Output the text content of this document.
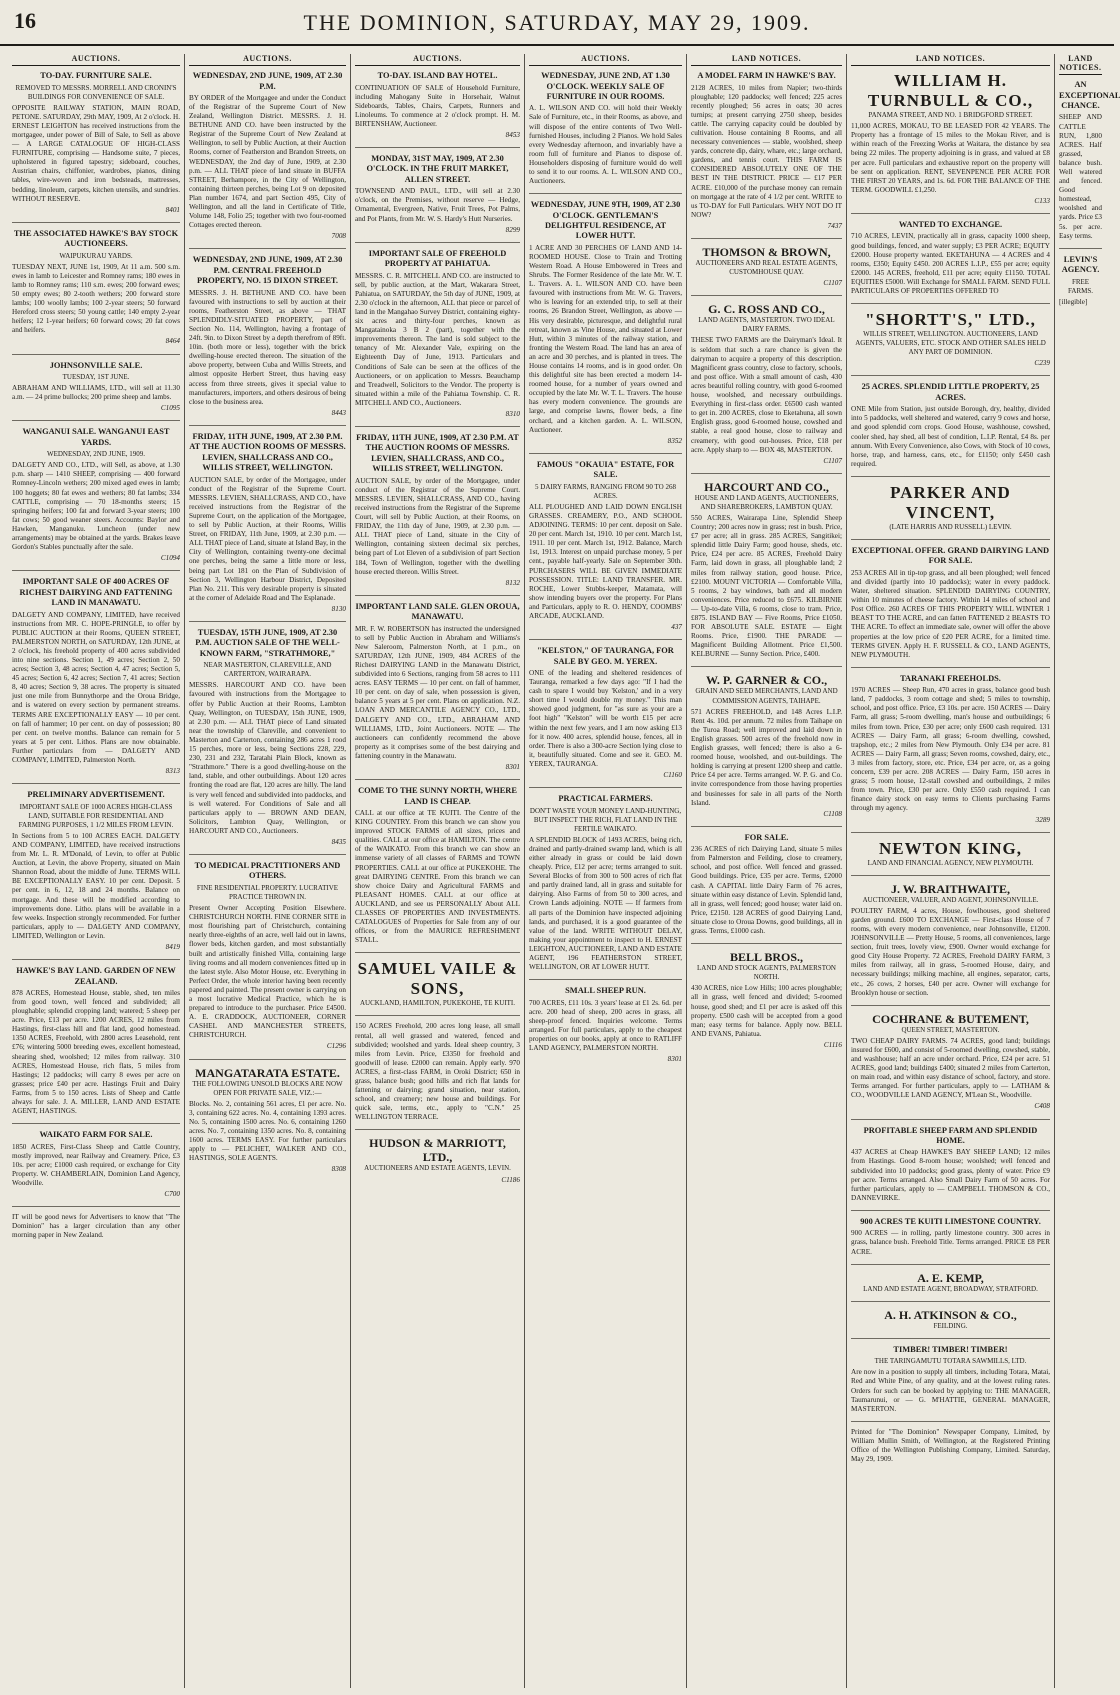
16	THE DOMINION, SATURDAY, MAY 29, 1909.
AUCTIONS.
TO-DAY. FURNITURE SALE.
REMOVED TO MESSRS. MORRELL AND CRONIN'S BUILDINGS FOR CONVENIENCE OF SALE.

OPPOSITE RAILWAY STATION, MAIN ROAD, PETONE. SATURDAY, 29th MAY, 1909, At 2 o'clock. H. ERNEST LEIGHTON has received instructions from the mortgagee, under power of Bill of Sale, to Sell as above — A LARGE CATALOGUE OF HIGH-CLASS FURNITURE, comprising — Handsome suite, 7 pieces, upholstered in figured tapestry; sideboard, couches, Austrian chairs, chiffonier, wardrobes, pianos, dining tables, wire-woven and iron bedsteads, mattresses, bedding, linoleum, carpets, kitchen utensils, and sundries. WITHOUT RESERVE.

8401
THE ASSOCIATED HAWKE'S BAY STOCK AUCTIONEERS.
WAIPUKURAU YARDS.

TUESDAY NEXT, JUNE 1st, 1909, At 11 a.m. 500 s.m. ewes in lamb to Leicester and Romney rams; 180 ewes in lamb to Romney rams; 110 s.m. ewes; 200 forward ewes; 50 empty ewes; 80 2-tooth wethers; 200 forward store lambs; 100 woolly lambs; 100 2-year steers; 50 forward Hereford cross steers; 50 young cattle; 140 empty 2-year heifers; 12 1-year heifers; 60 forward cows; 20 fat cows and heifers.

8464
JOHNSONVILLE SALE.
TUESDAY, 1ST JUNE.

ABRAHAM AND WILLIAMS, LTD., will sell at 11.30 a.m. — 24 prime bullocks; 200 prime sheep and lambs.

C1095
WANGANUI SALE. WANGANUI EAST YARDS.
WEDNESDAY, 2ND JUNE, 1909.

DALGETY AND CO., LTD., will Sell, as above, at 1.30 p.m. sharp — 1410 SHEEP, comprising — 400 forward Romney-Lincoln wethers; 200 mixed aged ewes in lamb; 100 hoggets; 80 fat ewes and wethers; 80 fat lambs; 334 CATTLE, comprising — 70 18-months steers; 15 springing heifers; 100 fat and forward 3-year steers; 100 fat cows; 50 good weaner steers. Accounts: Baylor and Hawken, Manganuku. Luncheon (under new arrangements) may be obtained at the yards. Brakes leave Gordon's Stables punctually after the sale.

C1094
IMPORTANT SALE OF 400 ACRES OF RICHEST DAIRYING AND FATTENING LAND IN MANAWATU.

DALGETY AND COMPANY, LIMITED, have received instructions from MR. C. HOPE-PRINGLE, to offer by PUBLIC AUCTION at their Rooms, QUEEN STREET, PALMERSTON NORTH, on SATURDAY, 12th JUNE, at 2 o'clock, his freehold property of 400 acres subdivided into nine sections. Section 1, 49 acres; Section 2, 50 acres; Section 3, 48 acres; Section 4, 47 acres; Section 5, 45 acres; Section 6, 42 acres; Section 7, 41 acres; Section 8, 40 acres; Section 9, 38 acres. The property is situated just one mile from Bunnythorpe and the Oroua Bridge, and is watered on every section by permanent streams. TERMS ARE EXCEPTIONALLY EASY — 10 per cent. on fall of hammer; 10 per cent. on day of possession; 80 per cent. on twelve months. Balance can remain for 5 years at 5 per cent. Lithos. Plans are now obtainable. Further particulars from — DALGETY AND COMPANY, LIMITED, Palmerston North.

8313
PRELIMINARY ADVERTISEMENT.
IMPORTANT SALE OF 1000 ACRES HIGH-CLASS LAND, SUITABLE FOR RESIDENTIAL AND FARMING PURPOSES, 1 1/2 MILES FROM LEVIN.

In Sections from 5 to 100 ACRES EACH. DALGETY AND COMPANY, LIMITED, have received instructions from Mr. L. R. M'Donald, of Levin, to offer at Public Auction, at Levin, the above Property, situated on Main Shannon Road, about the middle of June. TERMS WILL BE EXCEPTIONALLY EASY. 10 per cent. Deposit. 5 per cent. in 6, 12, 18 and 24 months. Balance on mortgage. And these will be modified according to improvements done. Litho. plans will be available in a few weeks. Inspection strongly recommended. For further particulars, apply to — DALGETY AND COMPANY, LIMITED, Wellington or Levin.

8419
HAWKE'S BAY LAND. GARDEN OF NEW ZEALAND.

878 ACRES, Homestead House, stable, shed, ten miles from good town, well fenced and subdivided; all ploughable; splendid cropping land; watered; 5 sheep per acre. Price, £13 per acre. 1200 ACRES, 12 miles from Hastings, first-class hill and flat land, good homestead. 1350 ACRES, Freehold, with 2800 acres Leasehold, rent £76; wintering 5000 breeding ewes, excellent homestead, shearing shed, woolshed; 12 miles from railway. 310 ACRES, Homestead House, rich flats, 5 miles from Hastings; 12 paddocks; will carry 8 ewes per acre on grasses; price £40 per acre. Hastings Fruit and Dairy Farms, from 5 to 150 acres. Lists of Sheep and Cattle always for sale. J. A. MILLER, LAND AND ESTATE AGENT, HASTINGS.

WAIKATO FARM FOR SALE.

1850 ACRES, First-Class Sheep and Cattle Country, mostly improved, near Railway and Creamery. Price, £3 10s. per acre; £1000 cash required, or exchange for City Property. W. CHAMBERLAIN, Dominion Land Agency, Woodville.

C700

IT will be good news for Advertisers to know that "The Dominion" has a larger circulation than any other morning paper in New Zealand.

AUCTIONS.
WEDNESDAY, 2ND JUNE, 1909, AT 2.30 P.M.

BY ORDER of the Mortgagee and under the Conduct of the Registrar of the Supreme Court of New Zealand, Wellington District. MESSRS. J. H. BETHUNE AND CO. have been instructed by the Registrar of the Supreme Court of New Zealand at Wellington, to sell by Public Auction, at their Auction Rooms, corner of Featherston and Brandon Streets, on WEDNESDAY, the 2nd day of June, 1909, at 2.30 p.m. — ALL THAT piece of land situate in BUFFA STREET, Berhampore, in the City of Wellington, containing thirteen perches, being Lot 9 on deposited Plan number 1674, and part Section 495, City of Wellington, and all the land in Certificate of Title, Volume 148, Folio 25; together with two four-roomed Cottages erected thereon.

7008
WEDNESDAY, 2ND JUNE, 1909, AT 2.30 P.M. CENTRAL FREEHOLD PROPERTY, NO. 15 DIXON STREET.

MESSRS. J. H. BETHUNE AND CO. have been favoured with instructions to sell by auction at their rooms, Featherston Street, as above — THAT SPLENDIDLY-SITUATED PROPERTY, part of Section No. 114, Wellington, having a frontage of 24ft. 9in. to Dixon Street by a depth therefrom of 89ft. 10in. (both more or less), together with the brick dwelling-house erected thereon. The situation of the above property, between Cuba and Willis Streets, and almost opposite Herbert Street, thus having easy access from three streets, gives it special value to manufacturers, importers, and others desirous of being close to the business area.

8443
FRIDAY, 11TH JUNE, 1909, AT 2.30 P.M. AT THE AUCTION ROOMS OF MESSRS. LEVIEN, SHALLCRASS AND CO., WILLIS STREET, WELLINGTON.

AUCTION SALE, by order of the Mortgagee, under conduct of the Registrar of the Supreme Court. MESSRS. LEVIEN, SHALLCRASS, AND CO., have received instructions from the Registrar of the Supreme Court, on the application of the Mortgagee, to sell by Public Auction, at their Rooms, Willis Street, on FRIDAY, 11th June, 1909, at 2.30 p.m. — ALL THAT piece of Land, situate at Island Bay, in the City of Wellington, containing twenty-one decimal one perches, being the same a little more or less, being part Lot 181 on the Plan of Subdivision of Section 3, Wellington Harbour District, Deposited Plan No. 211. This very desirable property is situated at the corner of Adelaide Road and The Esplanade.

8130
TUESDAY, 15TH JUNE, 1909, AT 2.30 P.M. AUCTION SALE OF THE WELL-KNOWN FARM, "STRATHMORE,"
NEAR MASTERTON, CLAREVILLE, AND CARTERTON, WAIRARAPA.

MESSRS. HARCOURT AND CO. have been favoured with instructions from the Mortgagee to offer by Public Auction at their Rooms, Lambton Quay, Wellington, on TUESDAY, 15th JUNE, 1909, at 2.30 p.m. — ALL THAT piece of Land situated near the township of Clareville, and convenient to Masterton and Carterton, containing 286 acres 1 rood 15 perches, more or less, being Sections 228, 229, 230, 231 and 232, Taratahi Plain Block, known as "Strathmore." There is a good dwelling-house on the land, stable, and other outbuildings. About 120 acres fronting the road are flat, 120 acres are hilly. The land is very well fenced and subdivided into paddocks, and is well watered. For Conditions of Sale and all particulars apply to — BROWN AND DEAN, Solicitors, Lambton Quay, Wellington, or HARCOURT AND CO., Auctioneers.

8435
TO MEDICAL PRACTITIONERS AND OTHERS.
FINE RESIDENTIAL PROPERTY. LUCRATIVE PRACTICE THROWN IN.

Present Owner Accepting Position Elsewhere. CHRISTCHURCH NORTH. FINE CORNER SITE in most flourishing part of Christchurch, containing nearly three-eighths of an acre, well laid out in lawns, flower beds, kitchen garden, and most substantially built and artistically finished Villa, containing large living rooms and all modern conveniences fitted up in the latest style. Also Motor House, etc. Everything in Perfect Order, the whole interior having been recently papered and painted. The present owner is carrying on a most lucrative Medical Practice, which he is prepared to introduce to the purchaser. Price £4500. A. E. CRADDOCK, AUCTIONEER, CORNER CASHEL AND MANCHESTER STREETS, CHRISTCHURCH.

C1296
MANGATARATA ESTATE.
THE FOLLOWING UNSOLD BLOCKS ARE NOW OPEN FOR PRIVATE SALE, VIZ.:—

Blocks. No. 2, containing 561 acres, £1 per acre. No. 3, containing 622 acres. No. 4, containing 1393 acres. No. 5, containing 1500 acres. No. 6, containing 1260 acres. No. 7, containing 1350 acres. No. 8, containing 1600 acres. TERMS EASY. For further particulars apply to — PELICHET, WALKER AND CO., HASTINGS, SOLE AGENTS.

8308
AUCTIONS.
TO-DAY. ISLAND BAY HOTEL.

CONTINUATION OF SALE of Household Furniture, including Mahogany Suite in Horsehair, Walnut Sideboards, Tables, Chairs, Carpets, Runners and Linoleums. To commence at 2 o'clock prompt. H. M. BIRTENSHAW, Auctioneer.

8453
MONDAY, 31ST MAY, 1909, AT 2.30 O'CLOCK. IN THE FRUIT MARKET, ALLEN STREET.

TOWNSEND AND PAUL, LTD., will sell at 2.30 o'clock, on the Premises, without reserve — Hedge, Ornamental, Evergreen, Native, Fruit Trees, Pot Palms, and Pot Plants, from Mr. W. S. Hardy's Hutt Nurseries.

8299
IMPORTANT SALE OF FREEHOLD PROPERTY AT PAHIATUA.

MESSRS. C. R. MITCHELL AND CO. are instructed to sell, by public auction, at the Mart, Wakarara Street, Pahiatua, on SATURDAY, the 5th day of JUNE, 1909, at 2.30 o'clock in the afternoon, ALL that piece or parcel of land in the Mangahao Survey District, containing eighty-six acres and thirty-four perches, known as Mangatainoka 3 B 2 (part), together with the improvements thereon. The land is sold subject to the tenancy of Mr. Alexander Vale, expiring on the Eighteenth Day of June, 1913. Particulars and Conditions of Sale can be seen at the offices of the Auctioneers, or on application to Messrs. Beauchamp and Treadwell, Solicitors to the Vendor. The property is situated within a mile of the Pahiatua Township. C. R. MITCHELL AND CO., Auctioneers.

8310
FRIDAY, 11TH JUNE, 1909, AT 2.30 P.M. AT THE AUCTION ROOMS OF MESSRS. LEVIEN, SHALLCRASS, AND CO., WILLIS STREET, WELLINGTON.

AUCTION SALE, by order of the Mortgagee, under conduct of the Registrar of the Supreme Court. MESSRS. LEVIEN, SHALLCRASS, AND CO., having received instructions from the Registrar of the Supreme Court, will sell by Public Auction, at their Rooms, on FRIDAY, the 11th day of June, 1909, at 2.30 p.m. — ALL THAT piece of Land, situate in the City of Wellington, containing sixteen decimal six perches, being part of Lot Eleven of a subdivision of part Section 184, Town of Wellington, together with the dwelling house erected thereon. Willis Street.

8132
IMPORTANT LAND SALE. GLEN OROUA, MANAWATU.

MR. F. W. ROBERTSON has instructed the undersigned to sell by Public Auction in Abraham and Williams's New Saleroom, Palmerston North, at 1 p.m., on SATURDAY, 12th JUNE, 1909, 484 ACRES of the Richest DAIRYING LAND in the Manawatu District, subdivided into 6 Sections, ranging from 58 acres to 111 acres. EASY TERMS — 10 per cent. on fall of hammer, 10 per cent. on day of sale, when possession is given, balance 5 years at 5 per cent. Plans on application. N.Z. LOAN AND MERCANTILE AGENCY CO., LTD., DALGETY AND CO., LTD., ABRAHAM AND WILLIAMS, LTD., Joint Auctioneers. NOTE — The auctioneers can confidently recommend the above property as it comprises some of the best dairying and fattening country in the Manawatu.

8301
COME TO THE SUNNY NORTH, WHERE LAND IS CHEAP.

CALL at our office at TE KUITI. The Centre of the KING COUNTRY. From this branch we can show you improved STOCK FARMS of all sizes, prices and qualities. CALL at our office at HAMILTON. The centre of the WAIKATO. From this branch we can show an immense variety of all classes of FARMS and TOWN PROPERTIES. CALL at our office at PUKEKOHE. The great DAIRYING CENTRE. From this branch we can show choice Dairy and Agricultural FARMS and PLEASANT HOMES. CALL at our office at AUCKLAND, and see us PERSONALLY About ALL CLASSES OF PROPERTIES AND INVESTMENTS. CATALOGUES of Properties for Sale from any of our offices, or from the MAURICE REFRESHMENT STALL.

SAMUEL VAILE & SONS,
AUCKLAND, HAMILTON, PUKEKOHE, TE KUITI.

150 ACRES Freehold, 200 acres long lease, all small rental, all well grassed and watered, fenced and subdivided; woolshed and yards. Ideal sheep country, 3 miles from Levin. Price, £3350 for freehold and goodwill of lease. £2000 can remain. Apply early. 970 ACRES, a first-class FARM, in Oroki District; 650 in grass, balance bush; good hills and rich flat lands for fattening or dairying; grand situation, near station, school, and creamery; new house and buildings. For quick sale, terms, etc., apply to "C.N." 25 WELLINGTON TERRACE.

HUDSON & MARRIOTT, LTD.,
AUCTIONEERS AND ESTATE AGENTS, LEVIN.
C1186
AUCTIONS.
WEDNESDAY, JUNE 2ND, AT 1.30 O'CLOCK. WEEKLY SALE OF FURNITURE IN OUR ROOMS.

A. L. WILSON AND CO. will hold their Weekly Sale of Furniture, etc., in their Rooms, as above, and will dispose of the entire contents of Two Well-furnished Houses, including 2 Pianos. We hold Sales every Wednesday afternoon, and invariably have a room full of furniture and Pianos to dispose of. Householders disposing of furniture would do well to send it to our rooms. A. L. WILSON AND CO., Auctioneers.

WEDNESDAY, JUNE 9TH, 1909, AT 2.30 O'CLOCK. GENTLEMAN'S DELIGHTFUL RESIDENCE, AT LOWER HUTT.

1 ACRE AND 30 PERCHES OF LAND AND 14-ROOMED HOUSE. Close to Train and Trotting Western Road. A House Embowered in Trees and Shrubs. The Former Residence of the late Mr. W. T. L. Travers. A. L. WILSON AND CO. have been favoured with instructions from Mr. W. G. Travers, who is leaving for an extended trip, to sell at their rooms, 26 Brandon Street, Wellington, as above — His very desirable, picturesque, and delightful rural retreat, known as Vine House, and situated at Lower Hutt, within 3 minutes of the railway station, and fronting the Western Road. The land has an area of an acre and 30 perches, and is planted in trees. The House contains 14 rooms, and is in good order. On this delightful site has been erected a modern 14-roomed house, for a number of years owned and occupied by the late Mr. W. T. L. Travers. The house has every modern convenience. The grounds are large, and comprise lawns, flower beds, a fine orchard, and a kitchen garden. A. L. WILSON, Auctioneer.

8352
FAMOUS "OKAUIA" ESTATE, FOR SALE.
5 DAIRY FARMS, RANGING FROM 90 TO 268 ACRES.

ALL PLOUGHED AND LAID DOWN ENGLISH GRASSES. CREAMERY, P.O., AND SCHOOL ADJOINING. TERMS: 10 per cent. deposit on Sale. 20 per cent. March 1st, 1910. 10 per cent. March 1st, 1911. 10 per cent. March 1st, 1912. Balance, March 1st, 1913. Interest on unpaid purchase money, 5 per cent., payable half-yearly. Sale on September 30th. PURCHASERS WILL BE GIVEN IMMEDIATE POSSESSION. TITLE: LAND TRANSFER. MR. ROCHE, Lower Stubbs-keeper, Matamata, will show intending buyers over the property. For Plans and Particulars, apply to R. O. HENDY, COOMBS' ARCADE, AUCKLAND.

437
"KELSTON," OF TAURANGA, FOR SALE BY GEO. M. YEREX.

ONE of the leading and sheltered residences of Tauranga, remarked a few days ago: "If I had the cash to spare I would buy 'Kelston,' and in a very short time I would double my money." This man showed good judgment, for "as sure as your are a foot high" "Kelston" will be worth £15 per acre within the next few years, and I am now asking £13 for it now. 400 acres, splendid house, fences, all in order. There is also a 300-acre Section lying close to it, beautifully situated. Come and see it. GEO. M. YEREX, TAURANGA.

C1160
PRACTICAL FARMERS.
DON'T WASTE YOUR MONEY LAND-HUNTING, BUT INSPECT THE RICH, FLAT LAND IN THE FERTILE WAIKATO.

A SPLENDID BLOCK of 1493 ACRES, being rich, drained and partly-drained swamp land, which is all either already in grass or could be laid down cheaply. Price, £12 per acre; terms arranged to suit. Several Blocks of from 300 to 500 acres of rich flat and partly drained land, all in grass and suitable for dairying. Also Farms of from 50 to 300 acres, and Crown Lands adjoining. NOTE — If farmers from all parts of the Dominion have inspected adjoining lands, and purchased, it is a good guarantee of the value of the land. WRITE WITHOUT DELAY, making your appointment to inspect to H. ERNEST LEIGHTON, AUCTIONEER, LAND AND ESTATE AGENT, 196 FEATHERSTON STREET, WELLINGTON, OR AT LOWER HUTT.

SMALL SHEEP RUN.

700 ACRES, £11 10s. 3 years' lease at £1 2s. 6d. per acre. 200 head of sheep, 200 acres in grass, all sheep-proof fenced. Inquiries welcome. Terms arranged. For full particulars, apply to the cheapest properties on our books, apply at once to RATLIFF LAND AGENCY, PALMERSTON NORTH.

8301
LAND NOTICES.
A MODEL FARM IN HAWKE'S BAY.

2128 ACRES, 10 miles from Napier; two-thirds ploughable; 120 paddocks; well fenced; 225 acres recently ploughed; 56 acres in oats; 30 acres turnips; at present carrying 2750 sheep, besides cattle. The carrying capacity could be doubled by cultivation. House containing 8 Rooms, and all necessary conveniences — stable, woolshed, sheep yards, concrete dip, dairy, whare, etc.; large orchard, gardens, and tennis court. THIS FARM IS CONSIDERED ABSOLUTELY ONE OF THE BEST IN THE DISTRICT. PRICE — £17 PER ACRE. £10,000 of the purchase money can remain on mortgage at the rate of 4 1/2 per cent. WRITE to us TO-DAY for Full Particulars. WHY NOT DO IT NOW?

7437
THOMSON & BROWN,
AUCTIONEERS AND REAL ESTATE AGENTS, CUSTOMHOUSE QUAY.
C1107
G. C. ROSS AND CO.,
LAND AGENTS, MASTERTON. TWO IDEAL DAIRY FARMS.

THESE TWO FARMS are the Dairyman's Ideal. It is seldom that such a rare chance is given the dairyman to acquire a property of this description. Magnificent grass country, close to factory, schools, and post office. With a small amount of cash, 430 acres beautiful rolling country, with good 6-roomed house, woolshed, and necessary outbuildings. Everything in first-class order. £6500 cash wanted to get in. 200 ACRES, close to Eketahuna, all sown English grass, good 6-roomed house, cowshed and stable, a real good house, close to railway and creamery, with good out-houses. Price, £18 per acre. Apply sharp to — BOX 48, MASTERTON.

C1107
HARCOURT AND CO.,
HOUSE AND LAND AGENTS, AUCTIONEERS, AND SHAREBROKERS, LAMBTON QUAY.

550 ACRES, Wairarapa Line, Splendid Sheep Country; 200 acres now in grass; rest in bush. Price, £7 per acre; all in grass. 285 ACRES, Sangitikei; splendid little Dairy Farm; good house, sheds, etc. Price, £24 per acre. 85 ACRES, Freehold Dairy Farm, laid down in grass, all ploughable land; 2 miles from railway station, good house. Price, £2100. MOUNT VICTORIA — Comfortable Villa, 5 rooms, 2 bay windows, bath and all modern conveniences. Price reduced to £675. KILBIRNIE — Up-to-date Villa, 6 rooms, close to tram. Price, £875. ISLAND BAY — Five Rooms, Price £1050. FOR ABSOLUTE SALE. ESTATE — Eight Rooms. Price, £1900. THE PARADE — Magnificent Building Allotment. Price £1,500. KELBURNE — Sunny Section. Price, £400.

W. P. GARNER & CO.,
GRAIN AND SEED MERCHANTS, LAND AND COMMISSION AGENTS, TAIHAPE.

571 ACRES FREEHOLD, and 148 Acres L.I.P. Rent 4s. 10d. per annum. 72 miles from Taihape on the Turoa Road; well improved and laid down in English grasses. 500 acres of the freehold now in English grasses, well fenced; there is also a 6-roomed house, woolshed, and out-buildings. The holding is carrying at present 1200 sheep and cattle. Price £4 per acre. Terms arranged. W. P. G. and Co. invite correspondence from those having properties and businesses for sale in all parts of the North Island.

C1108
FOR SALE.

236 ACRES of rich Dairying Land, situate 5 miles from Palmerston and Feilding, close to creamery, school, and post office. Well fenced and grassed. Good buildings. Price, £35 per acre. Terms, £2000 cash. A CAPITAL little Dairy Farm of 76 acres, situate within easy distance of Levin. Splendid land, all in grass, well fenced; good house; water laid on. Price, £2150. 128 ACRES of good Dairying Land, situate close to Oroua Downs, good buildings, all in grass. Terms, £1000 cash.

BELL BROS.,
LAND AND STOCK AGENTS, PALMERSTON NORTH.

430 ACRES, nice Low Hills; 100 acres ploughable; all in grass, well fenced and divided; 5-roomed house, good shed; and £1 per acre is asked off this property. £500 cash will be accepted from a good man; easy terms for balance. Apply now. BELL AND EVANS, Pahiatua.

C1116
LAND NOTICES.
WILLIAM H. TURNBULL & CO.,
PANAMA STREET, AND NO. 1 BRIDGFORD STREET.

11,000 ACRES, MOKAU, TO BE LEASED FOR 42 YEARS. The Property has a frontage of 15 miles to the Mokau River, and is within reach of the Freezing Works at Waitara, the distance by sea being 22 miles. The property adjoining is in grass, and valued at £8 per acre. Full particulars and exhaustive report on the property will be sent on application. RENT, SEVENPENCE PER ACRE FOR THE FIRST 20 YEARS, and 1s. 6d. FOR THE BALANCE OF THE TERM. GOODWILL £1,250.

C133
WANTED TO EXCHANGE.

710 ACRES, LEVIN, practically all in grass, capacity 1000 sheep, good buildings, fenced, and water supply; £3 PER ACRE; EQUITY £2000. House property wanted. EKETAHUNA — 4 ACRES and 4 rooms, £350; Equity £450. 200 ACRES L.I.P., £55 per acre; equity £2000. 145 ACRES, freehold, £11 per acre; equity £1150. TOTAL EQUITIES £5000. Will Exchange for SMALL FARM. SEND FULL PARTICULARS OF PROPERTIES OFFERED TO

"SHORTT'S," LTD.,
WILLIS STREET, WELLINGTON. AUCTIONEERS, LAND AGENTS, VALUERS, ETC. STOCK AND OTHER SALES HELD ANY PART OF DOMINION.
C239
25 ACRES. SPLENDID LITTLE PROPERTY, 25 ACRES.

ONE Mile from Station, just outside Borough, dry, healthy, divided into 5 paddocks, well sheltered and watered, carry 9 cows and horse, and good splendid corn crops. Good House, washhouse, cowshed, cooler shed, hay shed, all best of condition, L.I.P. Rental, £4 8s. per annum. With Every Convenience, also Cows, with Stock of 10 cows, horse, trap, and harness, cans, etc., for £1150; only £450 cash required.

PARKER AND VINCENT,
(LATE HARRIS AND RUSSELL) LEVIN.
EXCEPTIONAL OFFER. GRAND DAIRYING LAND FOR SALE.

253 ACRES All in tip-top grass, and all been ploughed; well fenced and divided (partly into 10 paddocks); water in every paddock. Water, sheltered situation. SPLENDID DAIRYING COUNTRY, within 10 minutes of cheese factory. Within 14 miles of school and Post Office. 260 ACRES OF THIS PROPERTY WILL WINTER 1 BEAST TO THE ACRE, and can fatten FATTENED 2 BEASTS TO THE ACRE. To effect an immediate sale, owner will offer the above properties at the low price of £20 PER ACRE, for a limited time. TERMS GIVEN. Apply H. F. RUSSELL & CO., LAND AGENTS, NEW PLYMOUTH.

TARANAKI FREEHOLDS.

1970 ACRES — Sheep Run, 470 acres in grass, balance good bush land, 7 paddocks, 3 room cottage and shed; 5 miles to township, school, and post office. Price, £3 10s. per acre. 150 ACRES — Dairy Farm, all grass; 5-room dwelling, man's house and outbuildings; 6 miles from town. Price, £30 per acre; only £600 cash required. 131 ACRES — Dairy Farm, all grass; 6-room dwelling, cowshed, trapshop, etc.; 2 miles from New Plymouth. Only £34 per acre. 81 ACRES — Dairy Farm, all grass; Seven rooms, cowshed, dairy, etc., 3 miles from factory, store, etc. Price, £34 per acre, or, as a going concern, £39 per acre. 208 ACRES — Dairy Farm, 150 acres in grass; 5 room house, 12-stall cowshed and outbuildings, 2 miles from town. Price, £30 per acre. Only £550 cash required. I can finance dairy stock on easy terms to Clients purchasing Farms through my agency.

3289
NEWTON KING,
LAND AND FINANCIAL AGENCY, NEW PLYMOUTH.
J. W. BRAITHWAITE,
AUCTIONEER, VALUER, AND AGENT, JOHNSONVILLE.

POULTRY FARM, 4 acres, House, fowlhouses, good sheltered garden ground. £600 TO EXCHANGE — First-class House of 7 rooms, with every modern convenience, near Johnsonville, £1200. JOHNSONVILLE — Pretty House, 5 rooms, all conveniences, large section, fruit trees, lovely view, £900. Owner would exchange for good City House Property. 72 ACRES, Freehold DAIRY FARM, 3 miles from railway, all in grass, 5-roomed House, dairy, and necessary buildings; milking machine, all engines, separator, carts, etc., 26 cows, 2 horses, £40 per acre. Owner will exchange for Brooklyn house or section.

COCHRANE & BUTEMENT,
QUEEN STREET, MASTERTON.

TWO CHEAP DAIRY FARMS. 74 ACRES, good land; buildings insured for £600, and consist of 5-roomed dwelling, cowshed, stable, and washhouse; half an acre under orchard. Price, £24 per acre. 51 ACRES, good land; buildings £400; situated 2 miles from Carterton, on main road, and within easy distance of school, factory, and store. Terms arranged. For further particulars, apply to — LATHAM & CO., WOODVILLE LAND AGENCY, M'Lean St., Woodville.

C408
PROFITABLE SHEEP FARM AND SPLENDID HOME.

437 ACRES at Cheap HAWKE'S BAY SHEEP LAND; 12 miles from Hastings. Good 8-room house; woolshed; well fenced and subdivided into 10 paddocks; good grass, plenty of water. Price £9 per acre. Terms arranged. Also Small Dairy Farm of 50 acres. For further particulars, apply to — CAMPBELL THOMSON & CO., DANNEVIRKE.

900 ACRES TE KUITI LIMESTONE COUNTRY.

900 ACRES — in rolling, partly limestone country. 300 acres in grass, balance bush. Freehold Title. Terms arranged. PRICE £8 PER ACRE.

A. E. KEMP,
LAND AND ESTATE AGENT, BROADWAY, STRATFORD.
A. H. ATKINSON & CO.,
FEILDING.
TIMBER! TIMBER! TIMBER!
THE TARINGAMUTU TOTARA SAWMILLS, LTD.

Are now in a position to supply all timbers, including Totara, Matai, Red and White Pine, of any quality, and at the lowest ruling rates. Orders for such can be booked by applying to: THE MANAGER, Taumarunui, or — G. M'HATTIE, GENERAL MANAGER, MASTERTON.

Printed for "The Dominion" Newspaper Company, Limited, by William Mullin Smith, of Wellington, at the Registered Printing Office of the Wellington Publishing Company, Limited. Saturday, May 29, 1909.

LAND NOTICES.
AN EXCEPTIONAL CHANCE.

SHEEP AND CATTLE RUN, 1,800 ACRES. Half grassed, balance bush. Well watered and fenced. Good homestead, woolshed and yards. Price £3 5s. per acre. Easy terms.

LEVIN'S AGENCY.
FREE FARMS.

[illegible]
